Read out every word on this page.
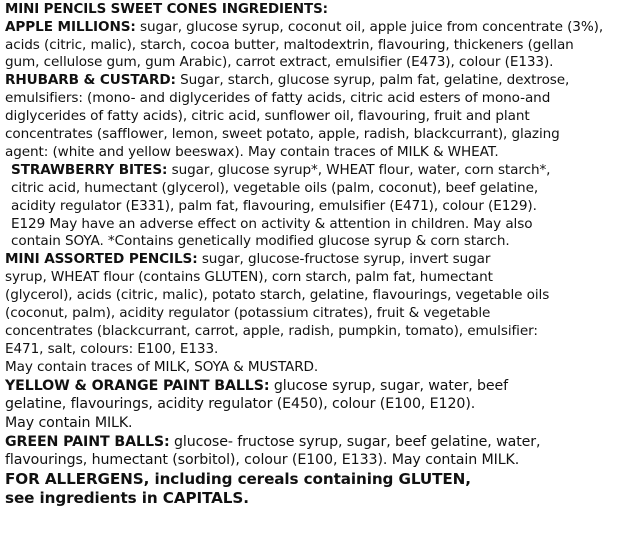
MINI PENCILS SWEET CONES INGREDIENTS:
APPLE MILLIONS: sugar, glucose syrup, coconut oil, apple juice from concentrate (3%),
acids (citric, malic), starch, cocoa butter, maltodextrin, flavouring, thickeners (gellan
gum, cellulose gum, gum Arabic), carrot extract, emulsifier (E473), colour (E133).
RHUBARB & CUSTARD: Sugar, starch, glucose syrup, palm fat, gelatine, dextrose,
emulsifiers: (mono- and diglycerides of fatty acids, citric acid esters of mono-and
diglycerides of fatty acids), citric acid, sunflower oil, flavouring, fruit and plant
concentrates (safflower, lemon, sweet potato, apple, radish, blackcurrant), glazing
agent: (white and yellow beeswax). May contain traces of MILK & WHEAT.
STRAWBERRY BITES: sugar, glucose syrup*, WHEAT flour, water, corn starch*,
citric acid, humectant (glycerol), vegetable oils (palm, coconut), beef gelatine,
acidity regulator (E331), palm fat, flavouring, emulsifier (E471), colour (E129).
E129 May have an adverse effect on activity & attention in children. May also
contain SOYA. *Contains genetically modified glucose syrup & corn starch.
MINI ASSORTED PENCILS: sugar, glucose-fructose syrup, invert sugar
syrup, WHEAT flour (contains GLUTEN), corn starch, palm fat, humectant
(glycerol), acids (citric, malic), potato starch, gelatine, flavourings, vegetable oils
(coconut, palm), acidity regulator (potassium citrates), fruit & vegetable
concentrates (blackcurrant, carrot, apple, radish, pumpkin, tomato), emulsifier:
E471, salt, colours: E100, E133.
May contain traces of MILK, SOYA & MUSTARD.
YELLOW & ORANGE PAINT BALLS: glucose syrup, sugar, water, beef
gelatine, flavourings, acidity regulator (E450), colour (E100, E120).
May contain MILK.
GREEN PAINT BALLS: glucose- fructose syrup, sugar, beef gelatine, water,
flavourings, humectant (sorbitol), colour (E100, E133). May contain MILK.
FOR ALLERGENS, including cereals containing GLUTEN,
see ingredients in CAPITALS.
